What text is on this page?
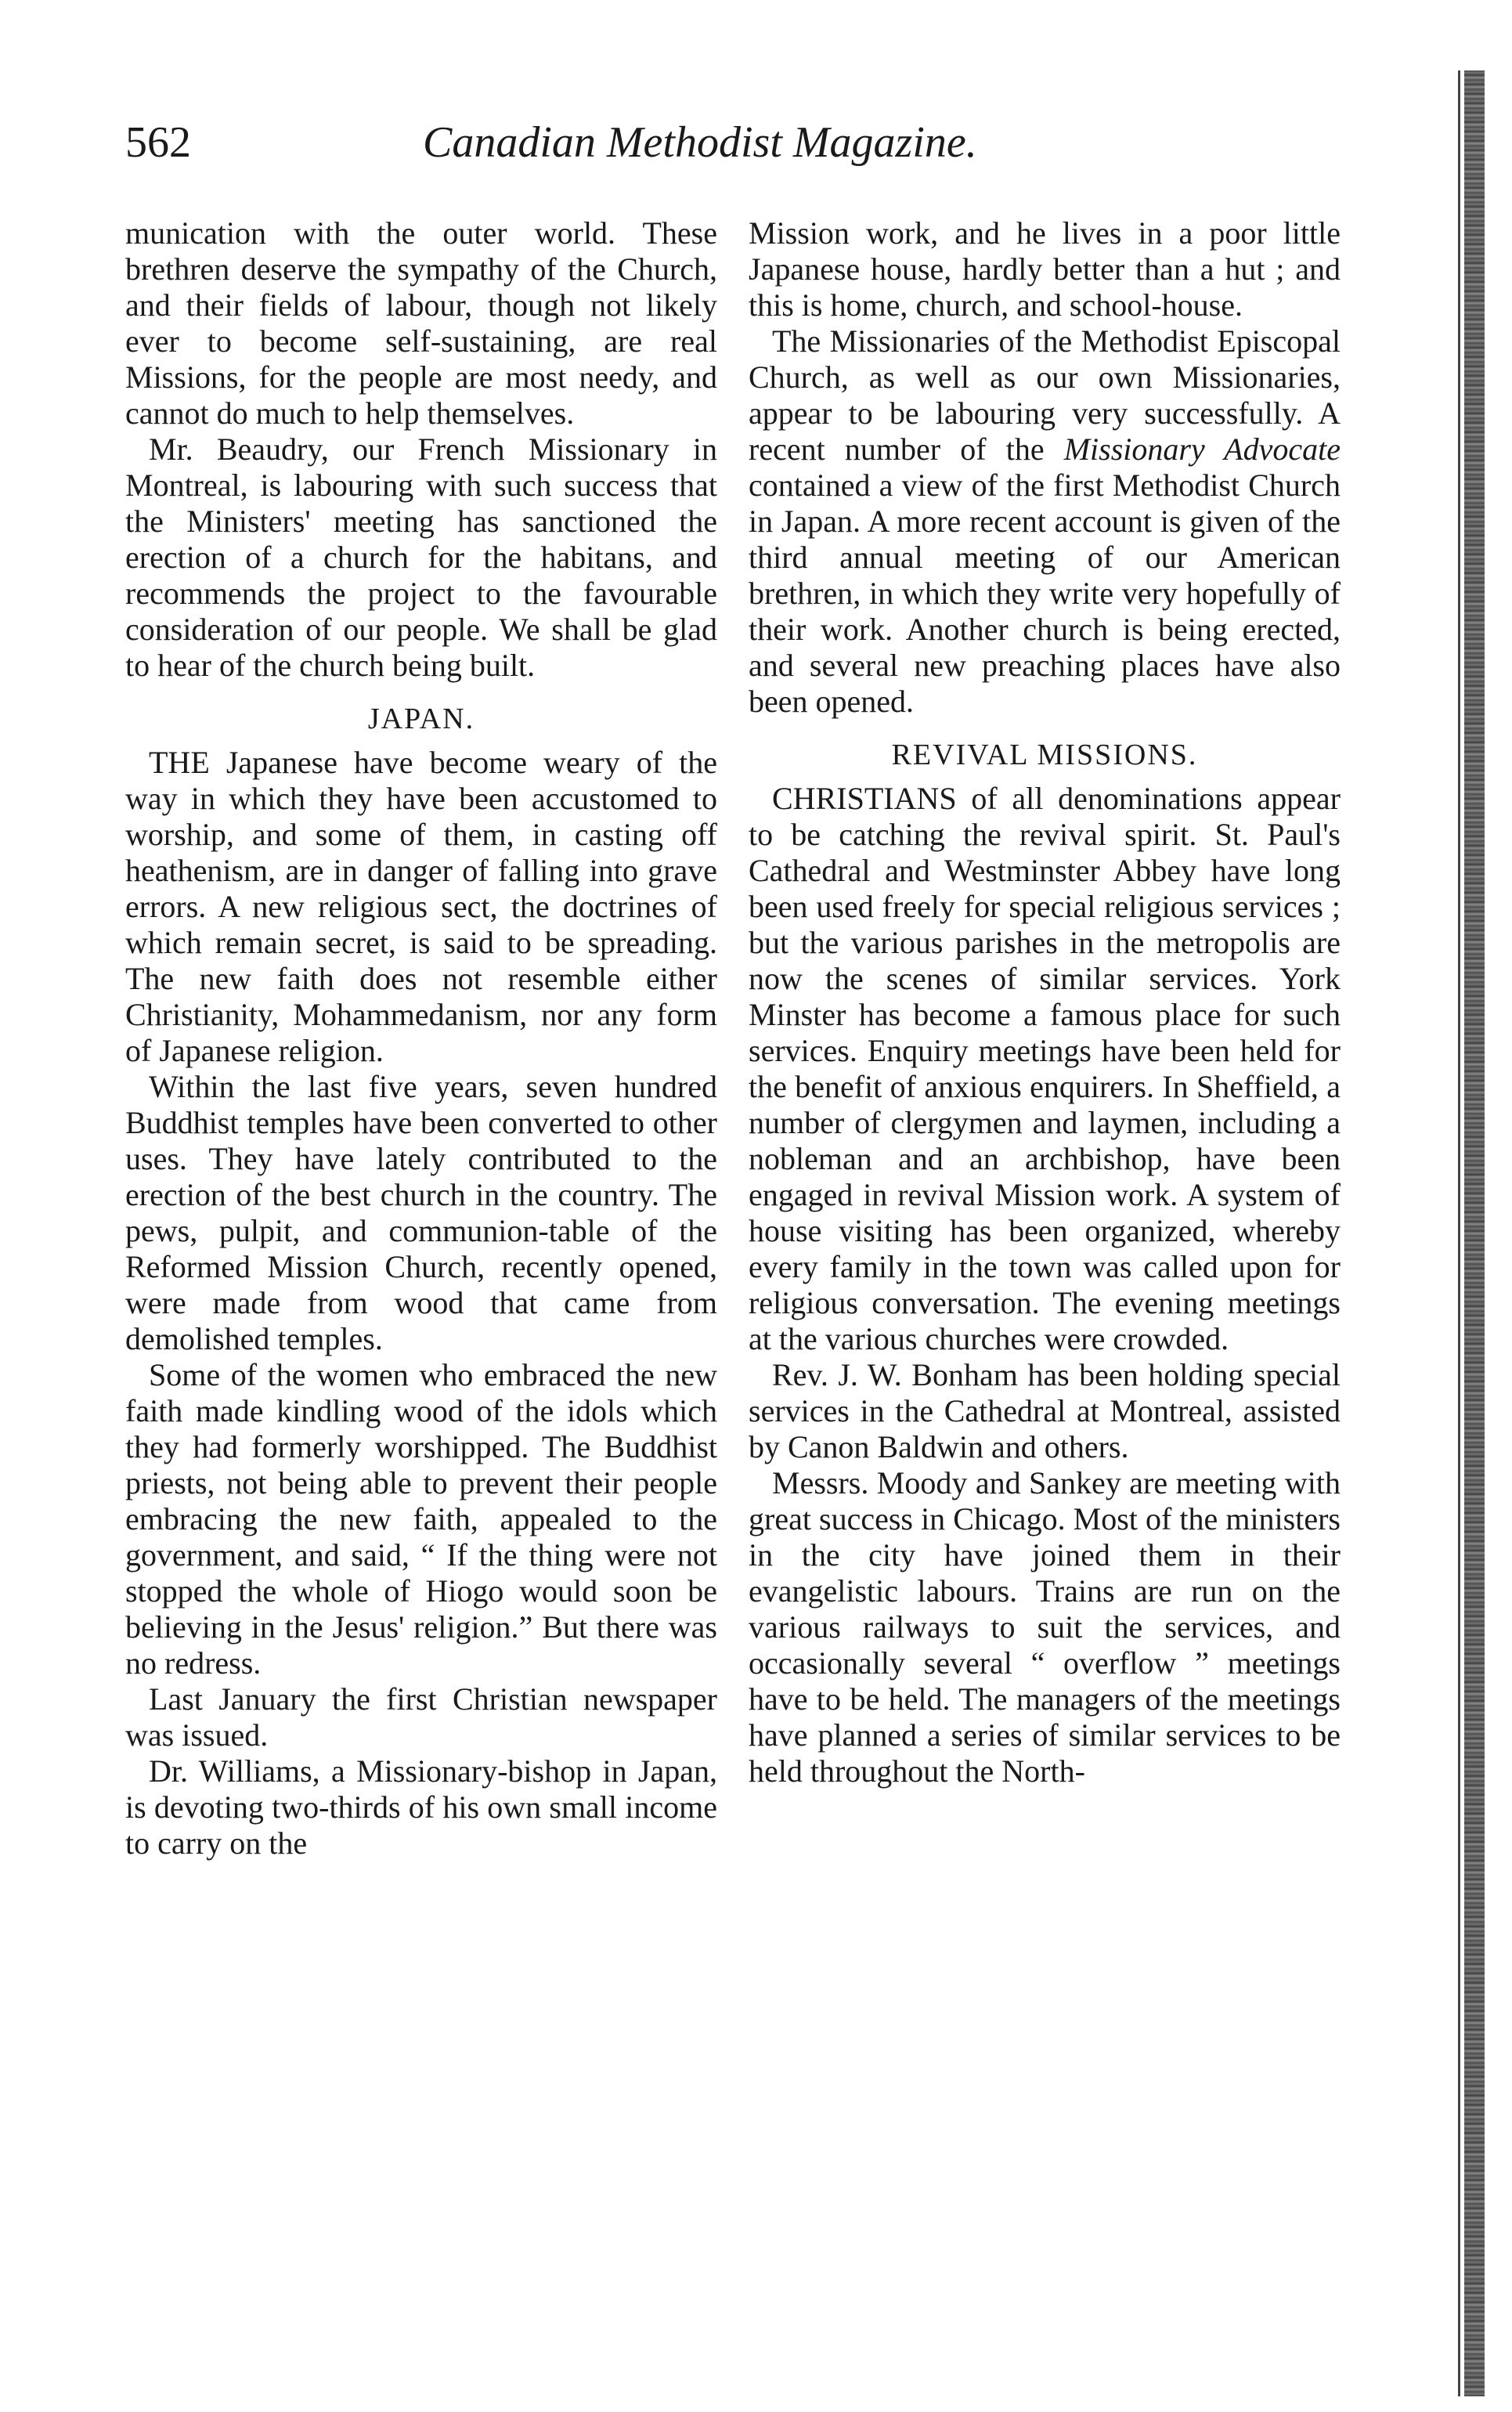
562	Canadian Methodist Magazine.

munication with the outer world. These brethren deserve the sympathy of the Church, and their fields of labour, though not likely ever to become self-sustaining, are real Missions, for the people are most needy, and cannot do much to help themselves.

Mr. Beaudry, our French Missionary in Montreal, is labouring with such success that the Ministers' meeting has sanctioned the erection of a church for the habitans, and recommends the project to the favourable consideration of our people. We shall be glad to hear of the church being built.

JAPAN.

THE Japanese have become weary of the way in which they have been accustomed to worship, and some of them, in casting off heathenism, are in danger of falling into grave errors. A new religious sect, the doctrines of which remain secret, is said to be spreading. The new faith does not resemble either Christianity, Mohammedanism, nor any form of Japanese religion.

Within the last five years, seven hundred Buddhist temples have been converted to other uses. They have lately contributed to the erection of the best church in the country. The pews, pulpit, and communion-table of the Reformed Mission Church, recently opened, were made from wood that came from demolished temples.

Some of the women who embraced the new faith made kindling wood of the idols which they had formerly worshipped. The Buddhist priests, not being able to prevent their people embracing the new faith, appealed to the government, and said, “ If the thing were not stopped the whole of Hiogo would soon be believing in the Jesus' religion.” But there was no redress.

Last January the first Christian newspaper was issued.

Dr. Williams, a Missionary-bishop in Japan, is devoting two-thirds of his own small income to carry on the

Mission work, and he lives in a poor little Japanese house, hardly better than a hut ; and this is home, church, and school-house.

The Missionaries of the Methodist Episcopal Church, as well as our own Missionaries, appear to be labouring very successfully. A recent number of the Missionary Advocate contained a view of the first Methodist Church in Japan. A more recent account is given of the third annual meeting of our American brethren, in which they write very hopefully of their work. Another church is being erected, and several new preaching places have also been opened.

REVIVAL MISSIONS.

CHRISTIANS of all denominations appear to be catching the revival spirit. St. Paul's Cathedral and Westminster Abbey have long been used freely for special religious services ; but the various parishes in the metropolis are now the scenes of similar services. York Minster has become a famous place for such services. Enquiry meetings have been held for the benefit of anxious enquirers. In Sheffield, a number of clergymen and laymen, including a nobleman and an archbishop, have been engaged in revival Mission work. A system of house visiting has been organized, whereby every family in the town was called upon for religious conversation. The evening meetings at the various churches were crowded.

Rev. J. W. Bonham has been holding special services in the Cathedral at Montreal, assisted by Canon Baldwin and others.

Messrs. Moody and Sankey are meeting with great success in Chicago. Most of the ministers in the city have joined them in their evangelistic labours. Trains are run on the various railways to suit the services, and occasionally several “ overflow ” meetings have to be held. The managers of the meetings have planned a series of similar services to be held throughout the North-
